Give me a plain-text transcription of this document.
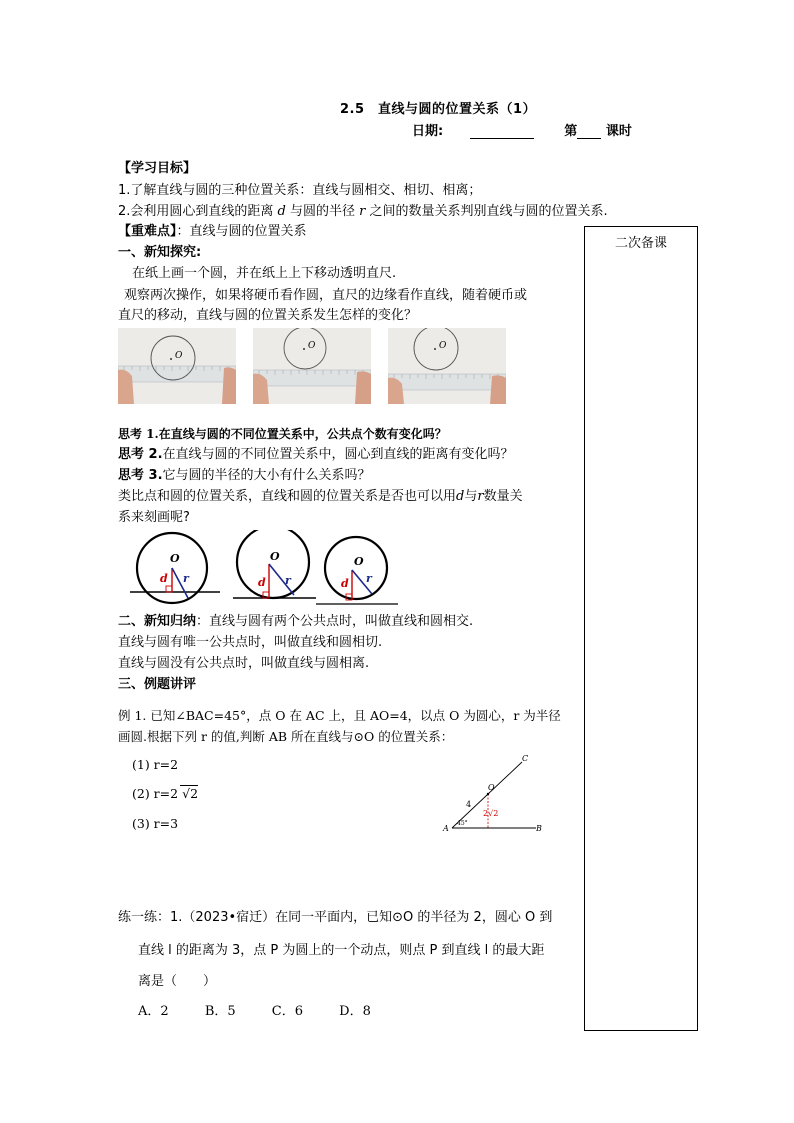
2.5　直线与圆的位置关系（1）
日期:	第 课时
【学习目标】
1.了解直线与圆的三种位置关系：直线与圆相交、相切、相离；
2.会利用圆心到直线的距离 d 与圆的半径 r 之间的数量关系判别直线与圆的位置关系.
【重难点】：直线与圆的位置关系
二次备课
一、新知探究:
在纸上画一个圆，并在纸上上下移动透明直尺.
观察两次操作，如果将硬币看作圆，直尺的边缘看作直线，随着硬币或
直尺的移动，直线与圆的位置关系发生怎样的变化？
O
O	O
思考 1.在直线与圆的不同位置关系中，公共点个数有变化吗？
思考 2.在直线与圆的不同位置关系中，圆心到直线的距离有变化吗？
思考 3.它与圆的半径的大小有什么关系吗？
类比点和圆的位置关系，直线和圆的位置关系是否也可以用d与r数量关
系来刻画呢?
O
d r
O
d r
O
d r
二、新知归纳：直线与圆有两个公共点时，叫做直线和圆相交.
直线与圆有唯一公共点时，叫做直线和圆相切.
直线与圆没有公共点时，叫做直线与圆相离.
三、例题讲评
例 1. 已知∠BAC=45°，点 O 在 AC 上，且 AO=4，以点 O 为圆心，r 为半径
画圆.根据下列 r 的值,判断 AB 所在直线与⊙O 的位置关系：
(1) r=2
(2) r=2 √2
(3) r=3	A	B
C
O
4
45°
2√2
练一练：1.（2023•宿迁）在同一平面内，已知⊙O 的半径为 2，圆心 O 到
直线 l 的距离为 3，点 P 为圆上的一个动点，则点 P 到直线 l 的最大距
离是（　　）
A．2	B．5	C．6	D．8
